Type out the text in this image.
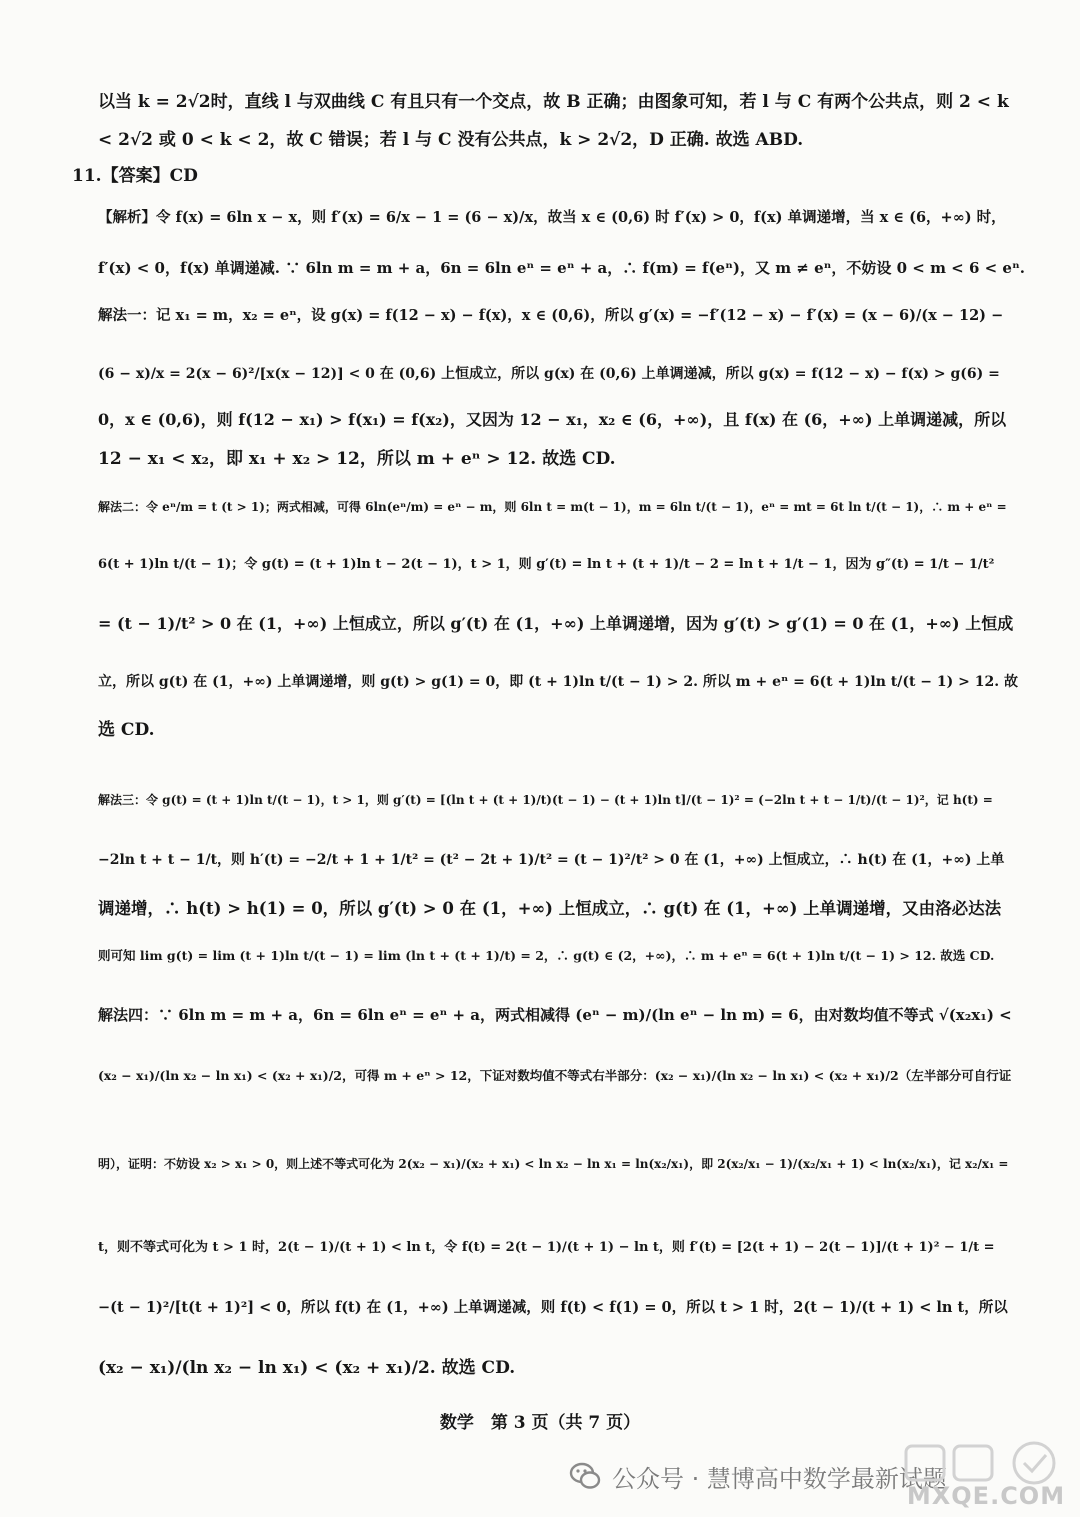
以当 k = 2√2时，直线 l 与双曲线 C 有且只有一个交点，故 B 正确；由图象可知，若 l 与 C 有两个公共点，则 2 < k
< 2√2 或 0 < k < 2，故 C 错误；若 l 与 C 没有公共点，k > 2√2，D 正确. 故选 ABD.
11.【答案】CD
【解析】令 f(x) = 6ln x − x，则 f′(x) = 6/x − 1 = (6 − x)/x，故当 x ∈ (0,6) 时 f′(x) > 0，f(x) 单调递增，当 x ∈ (6，+∞) 时，
f′(x) < 0，f(x) 单调递减. ∵ 6ln m = m + a，6n = 6ln eⁿ = eⁿ + a，∴ f(m) = f(eⁿ)，又 m ≠ eⁿ，不妨设 0 < m < 6 < eⁿ.
解法一：记 x₁ = m，x₂ = eⁿ，设 g(x) = f(12 − x) − f(x)，x ∈ (0,6)，所以 g′(x) = −f′(12 − x) − f′(x) = (x − 6)/(x − 12) −
(6 − x)/x = 2(x − 6)²/[x(x − 12)] < 0 在 (0,6) 上恒成立，所以 g(x) 在 (0,6) 上单调递减，所以 g(x) = f(12 − x) − f(x) > g(6) =
0，x ∈ (0,6)，则 f(12 − x₁) > f(x₁) = f(x₂)，又因为 12 − x₁，x₂ ∈ (6，+∞)，且 f(x) 在 (6，+∞) 上单调递减，所以
12 − x₁ < x₂，即 x₁ + x₂ > 12，所以 m + eⁿ > 12. 故选 CD.
解法二：令 eⁿ/m = t (t > 1)；两式相减，可得 6ln(eⁿ/m) = eⁿ − m，则 6ln t = m(t − 1)，m = 6ln t/(t − 1)，eⁿ = mt = 6t ln t/(t − 1)，∴ m + eⁿ =
6(t + 1)ln t/(t − 1)；令 g(t) = (t + 1)ln t − 2(t − 1)，t > 1，则 g′(t) = ln t + (t + 1)/t − 2 = ln t + 1/t − 1，因为 g″(t) = 1/t − 1/t²
= (t − 1)/t² > 0 在 (1，+∞) 上恒成立，所以 g′(t) 在 (1，+∞) 上单调递增，因为 g′(t) > g′(1) = 0 在 (1，+∞) 上恒成
立，所以 g(t) 在 (1，+∞) 上单调递增，则 g(t) > g(1) = 0，即 (t + 1)ln t/(t − 1) > 2. 所以 m + eⁿ = 6(t + 1)ln t/(t − 1) > 12. 故
选 CD.
解法三：令 g(t) = (t + 1)ln t/(t − 1)，t > 1，则 g′(t) = [(ln t + (t + 1)/t)(t − 1) − (t + 1)ln t]/(t − 1)² = (−2ln t + t − 1/t)/(t − 1)²，记 h(t) =
−2ln t + t − 1/t，则 h′(t) = −2/t + 1 + 1/t² = (t² − 2t + 1)/t² = (t − 1)²/t² > 0 在 (1，+∞) 上恒成立，∴ h(t) 在 (1，+∞) 上单
调递增，∴ h(t) > h(1) = 0，所以 g′(t) > 0 在 (1，+∞) 上恒成立，∴ g(t) 在 (1，+∞) 上单调递增，又由洛必达法
则可知 lim g(t) = lim (t + 1)ln t/(t − 1) = lim (ln t + (t + 1)/t) = 2，∴ g(t) ∈ (2，+∞)，∴ m + eⁿ = 6(t + 1)ln t/(t − 1) > 12. 故选 CD.
解法四：∵ 6ln m = m + a，6n = 6ln eⁿ = eⁿ + a，两式相减得 (eⁿ − m)/(ln eⁿ − ln m) = 6，由对数均值不等式 √(x₂x₁) <
(x₂ − x₁)/(ln x₂ − ln x₁) < (x₂ + x₁)/2，可得 m + eⁿ > 12，下证对数均值不等式右半部分：(x₂ − x₁)/(ln x₂ − ln x₁) < (x₂ + x₁)/2（左半部分可自行证
明），证明：不妨设 x₂ > x₁ > 0，则上述不等式可化为 2(x₂ − x₁)/(x₂ + x₁) < ln x₂ − ln x₁ = ln(x₂/x₁)，即 2(x₂/x₁ − 1)/(x₂/x₁ + 1) < ln(x₂/x₁)，记 x₂/x₁ =
t，则不等式可化为 t > 1 时，2(t − 1)/(t + 1) < ln t，令 f(t) = 2(t − 1)/(t + 1) − ln t，则 f′(t) = [2(t + 1) − 2(t − 1)]/(t + 1)² − 1/t =
−(t − 1)²/[t(t + 1)²] < 0，所以 f(t) 在 (1，+∞) 上单调递减，则 f(t) < f(1) = 0，所以 t > 1 时，2(t − 1)/(t + 1) < ln t，所以
(x₂ − x₁)/(ln x₂ − ln x₁) < (x₂ + x₁)/2. 故选 CD.
数学　第 3 页（共 7 页）
公众号 · 慧博高中数学最新试题
MXQE.COM
